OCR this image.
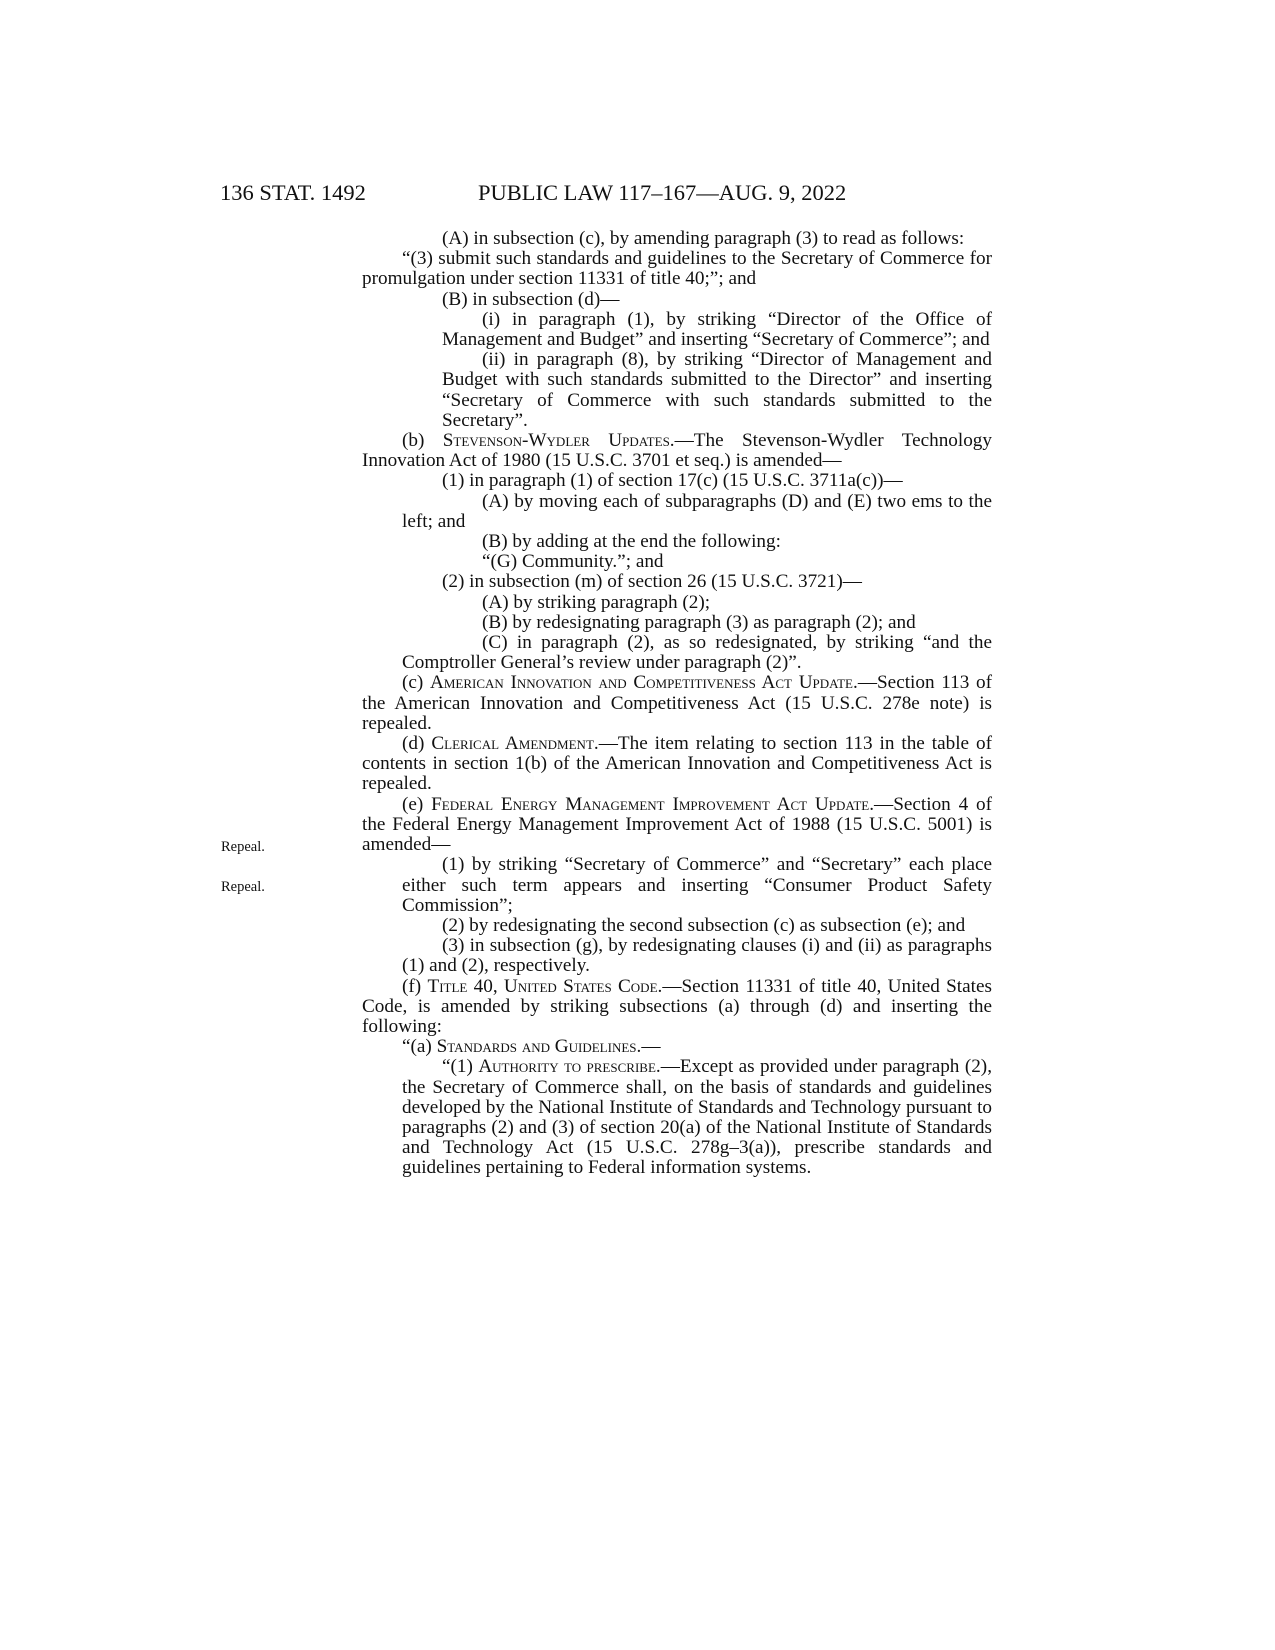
136 STAT. 1492	PUBLIC LAW 117–167—AUG. 9, 2022
Repeal.
Repeal.

(A) in subsection (c), by amending paragraph (3) to read as follows:

“(3) submit such standards and guidelines to the Secretary of Commerce for promulgation under section 11331 of title 40;”; and

(B) in subsection (d)—

(i) in paragraph (1), by striking “Director of the Office of Management and Budget” and inserting “Secretary of Commerce”; and

(ii) in paragraph (8), by striking “Director of Management and Budget with such standards submitted to the Director” and inserting “Secretary of Commerce with such standards submitted to the Secretary”.

(b) Stevenson-Wydler Updates.—The Stevenson-Wydler Technology Innovation Act of 1980 (15 U.S.C. 3701 et seq.) is amended—

(1) in paragraph (1) of section 17(c) (15 U.S.C. 3711a(c))—

(A) by moving each of subparagraphs (D) and (E) two ems to the left; and

(B) by adding at the end the following:

“(G) Community.”; and

(2) in subsection (m) of section 26 (15 U.S.C. 3721)—

(A) by striking paragraph (2);

(B) by redesignating paragraph (3) as paragraph (2); and

(C) in paragraph (2), as so redesignated, by striking “and the Comptroller General’s review under paragraph (2)”.

(c) American Innovation and Competitiveness Act Update.—Section 113 of the American Innovation and Competitiveness Act (15 U.S.C. 278e note) is repealed.

(d) Clerical Amendment.—The item relating to section 113 in the table of contents in section 1(b) of the American Innovation and Competitiveness Act is repealed.

(e) Federal Energy Management Improvement Act Update.—Section 4 of the Federal Energy Management Improvement Act of 1988 (15 U.S.C. 5001) is amended—

(1) by striking “Secretary of Commerce” and “Secretary” each place either such term appears and inserting “Consumer Product Safety Commission”;

(2) by redesignating the second subsection (c) as subsection (e); and

(3) in subsection (g), by redesignating clauses (i) and (ii) as paragraphs (1) and (2), respectively.

(f) Title 40, United States Code.—Section 11331 of title 40, United States Code, is amended by striking subsections (a) through (d) and inserting the following:

“(a) Standards and Guidelines.—

“(1) Authority to prescribe.—Except as provided under paragraph (2), the Secretary of Commerce shall, on the basis of standards and guidelines developed by the National Institute of Standards and Technology pursuant to paragraphs (2) and (3) of section 20(a) of the National Institute of Standards and Technology Act (15 U.S.C. 278g–3(a)), prescribe standards and guidelines pertaining to Federal information systems.
